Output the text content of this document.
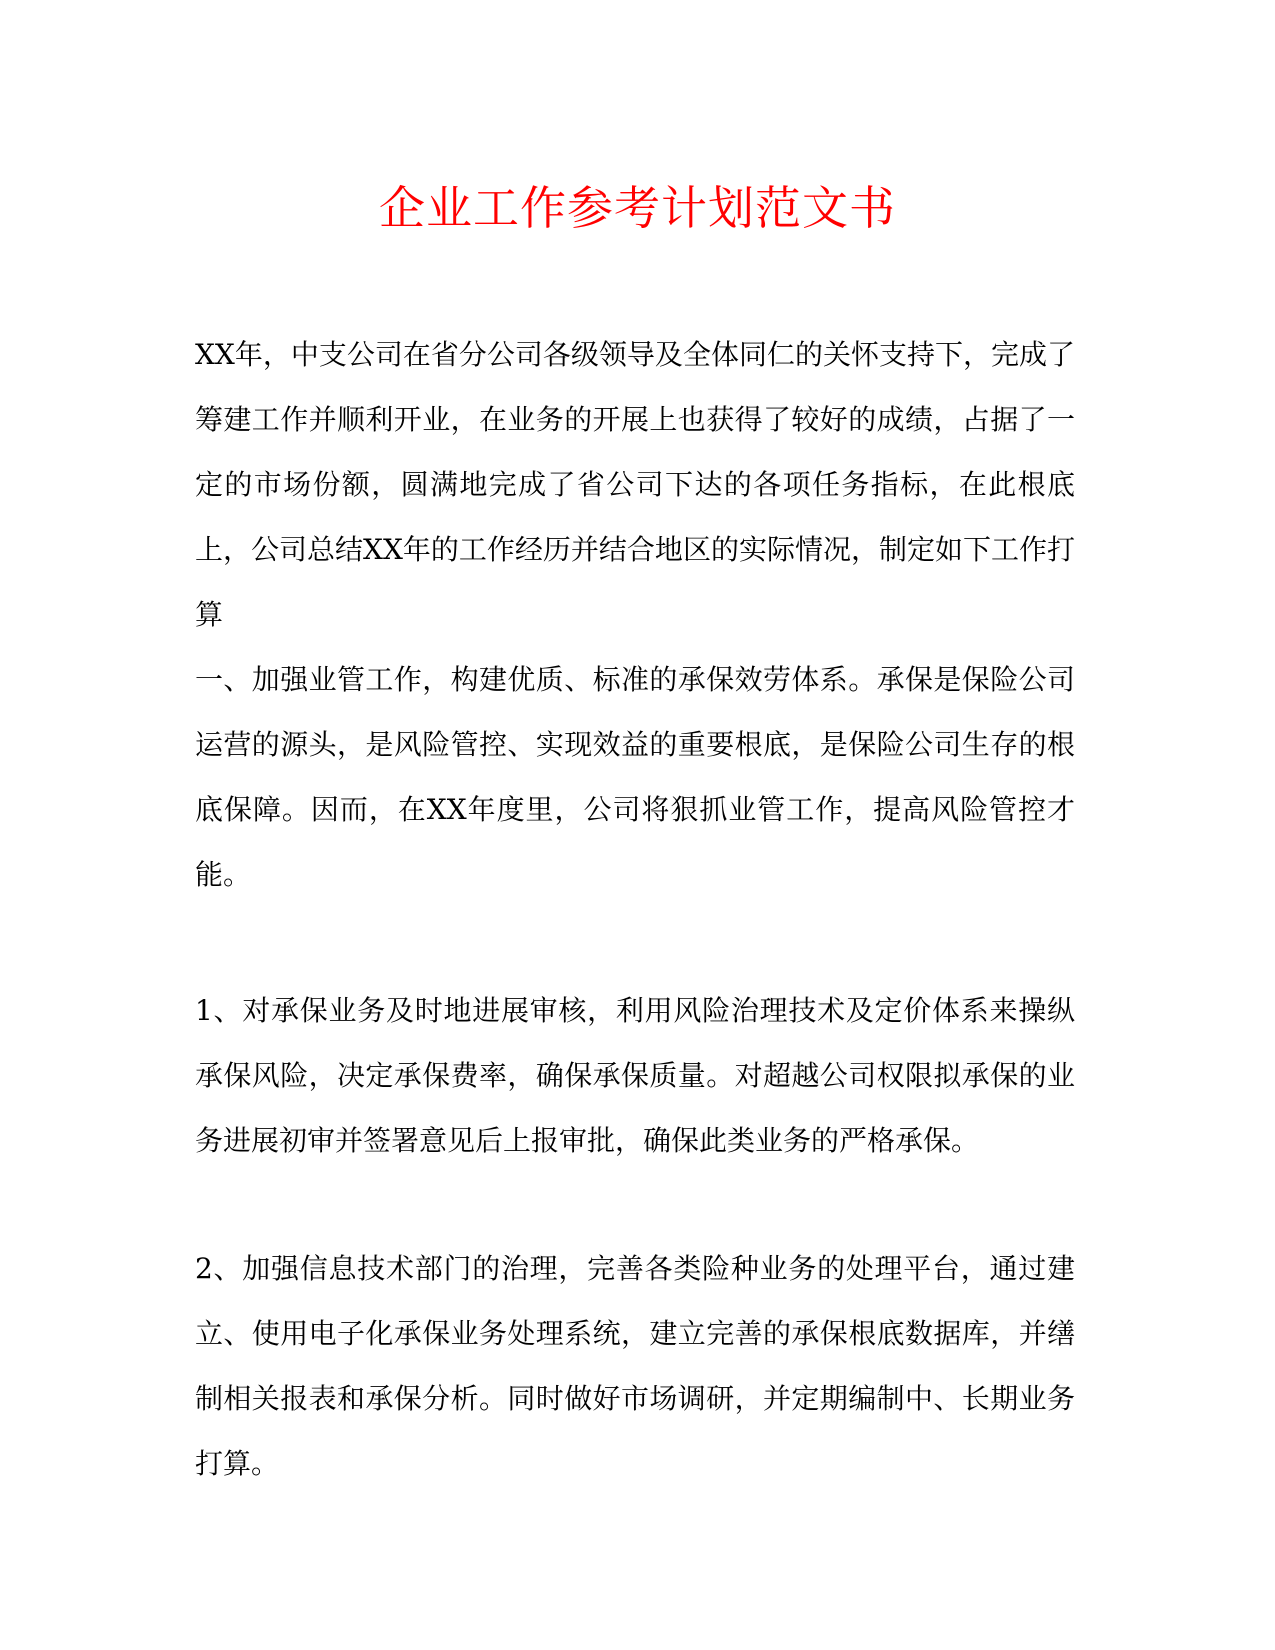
企业工作参考计划范文书

XX年，中支公司在省分公司各级领导及全体同仁的关怀支持下，完成了筹建工作并顺利开业，在业务的开展上也获得了较好的成绩，占据了一定的市场份额，圆满地完成了省公司下达的各项任务指标，在此根底上，公司总结XX年的工作经历并结合地区的实际情况，制定如下工作打算

一、加强业管工作，构建优质、标准的承保效劳体系。承保是保险公司运营的源头，是风险管控、实现效益的重要根底，是保险公司生存的根底保障。因而，在XX年度里，公司将狠抓业管工作，提高风险管控才能。

1、对承保业务及时地进展审核，利用风险治理技术及定价体系来操纵承保风险，决定承保费率，确保承保质量。对超越公司权限拟承保的业务进展初审并签署意见后上报审批，确保此类业务的严格承保。

2、加强信息技术部门的治理，完善各类险种业务的处理平台，通过建立、使用电子化承保业务处理系统，建立完善的承保根底数据库，并缮制相关报表和承保分析。同时做好市场调研，并定期编制中、长期业务打算。
